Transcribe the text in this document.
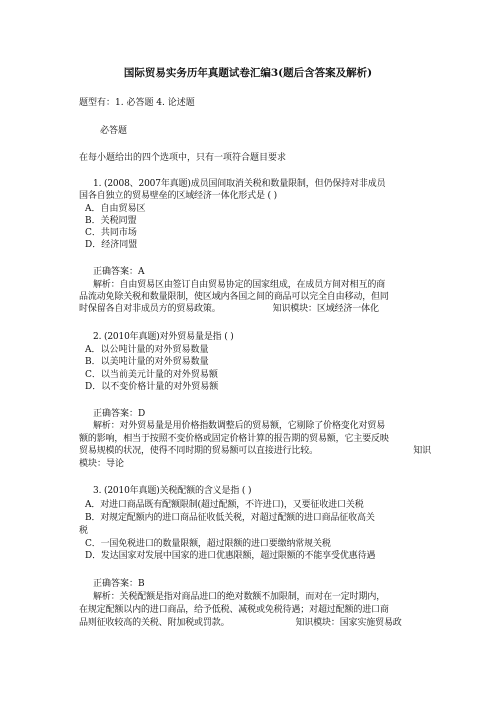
国际贸易实务历年真题试卷汇编3(题后含答案及解析)
题型有：1. 必答题 4. 论述题
必答题
在每小题给出的四个选项中，只有一项符合题目要求
1. (2008、2007年真题)成员国间取消关税和数量限制，但仍保持对非成员
国各自独立的贸易壁垒的区域经济一体化形式是 ( )
A．自由贸易区
B．关税同盟
C．共同市场
D．经济同盟
正确答案：A
解析：自由贸易区由签订自由贸易协定的国家组成，在成员方间对相互的商
品流动免除关税和数量限制，使区域内各国之间的商品可以完全自由移动，但同
时保留各自对非成员方的贸易政策。	知识模块：区域经济一体化
2. (2010年真题)对外贸易量是指 ( )
A．以公吨计量的对外贸易数量
B．以美吨计量的对外贸易数量
C．以当前美元计量的对外贸易额
D．以不变价格计量的对外贸易额
正确答案：D
解析：对外贸易量是用价格指数调整后的贸易额，它剔除了价格变化对贸易
额的影响，相当于按照不变价格或固定价格计算的报告期的贸易额，它主要反映
贸易规模的状况，使得不同时期的贸易额可以直接进行比较。	知识
模块：导论
3. (2010年真题)关税配额的含义是指 ( )
A．对进口商品既有配额限制(超过配额，不许进口)，又要征收进口关税
B．对规定配额内的进口商品征收低关税，对超过配额的进口商品征收高关
税
C．一国免税进口的数量限额，超过限额的进口要缴纳常规关税
D．发达国家对发展中国家的进口优惠限额，超过限额的不能享受优惠待遇
正确答案：B
解析：关税配额是指对商品进口的绝对数额不加限制，而对在一定时期内，
在规定配额以内的进口商品，给予低税、减税或免税待遇；对超过配额的进口商
品则征收较高的关税、附加税或罚款。	知识模块：国家实施贸易政
